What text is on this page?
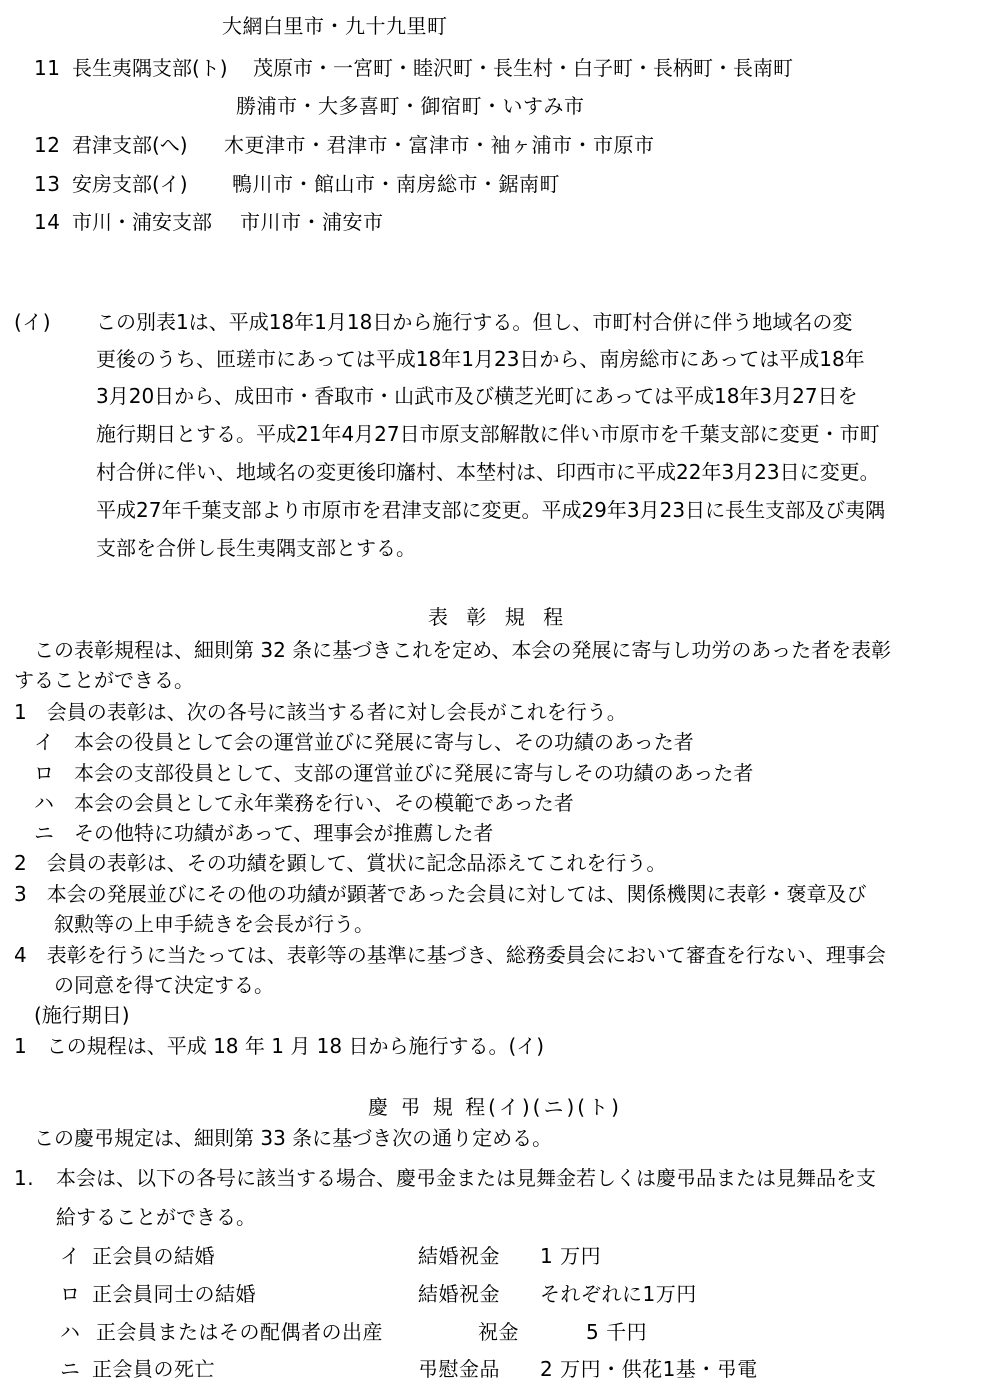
大網白里市・九十九里町
11 長生夷隅支部(ト) 茂原市・一宮町・睦沢町・長生村・白子町・長柄町・長南町
勝浦市・大多喜町・御宿町・いすみ市
12 君津支部(へ) 木更津市・君津市・富津市・袖ヶ浦市・市原市
13 安房支部(イ) 鴨川市・館山市・南房総市・鋸南町
14 市川・浦安支部 市川市・浦安市
(イ) この別表1は、平成18年1月18日から施行する。但し、市町村合併に伴う地域名の変
更後のうち、匝瑳市にあっては平成18年1月23日から、南房総市にあっては平成18年
3月20日から、成田市・香取市・山武市及び横芝光町にあっては平成18年3月27日を
施行期日とする。平成21年4月27日市原支部解散に伴い市原市を千葉支部に変更・市町
村合併に伴い、地域名の変更後印旛村、本埜村は、印西市に平成22年3月23日に変更。
平成27年千葉支部より市原市を君津支部に変更。平成29年3月23日に長生支部及び夷隅
支部を合併し長生夷隅支部とする。
表 彰 規 程
　この表彰規程は、細則第 32 条に基づきこれを定め、本会の発展に寄与し功労のあった者を表彰
することができる。
1　会員の表彰は、次の各号に該当する者に対し会長がこれを行う。
　イ　本会の役員として会の運営並びに発展に寄与し、その功績のあった者
　ロ　本会の支部役員として、支部の運営並びに発展に寄与しその功績のあった者
　ハ　本会の会員として永年業務を行い、その模範であった者
　ニ　その他特に功績があって、理事会が推薦した者
2　会員の表彰は、その功績を顕して、賞状に記念品添えてこれを行う。
3　本会の発展並びにその他の功績が顕著であった会員に対しては、関係機関に表彰・褒章及び
　　叙勲等の上申手続きを会長が行う。
4　表彰を行うに当たっては、表彰等の基準に基づき、総務委員会において審査を行ない、理事会
　　の同意を得て決定する。
　(施行期日)
1　この規程は、平成 18 年 1 月 18 日から施行する。(イ)
慶 弔 規 程(イ)(ニ)(ト)
　この慶弔規定は、細則第 33 条に基づき次の通り定める。
1. 本会は、以下の各号に該当する場合、慶弔金または見舞金若しくは慶弔品または見舞品を支
給することができる。
イ 正会員の結婚	結婚祝金 1 万円
ロ 正会員同士の結婚	結婚祝金 それぞれに1万円
ハ 正会員またはその配偶者の出産	祝金	5 千円
ニ 正会員の死亡	弔慰金品 2 万円・供花1基・弔電
